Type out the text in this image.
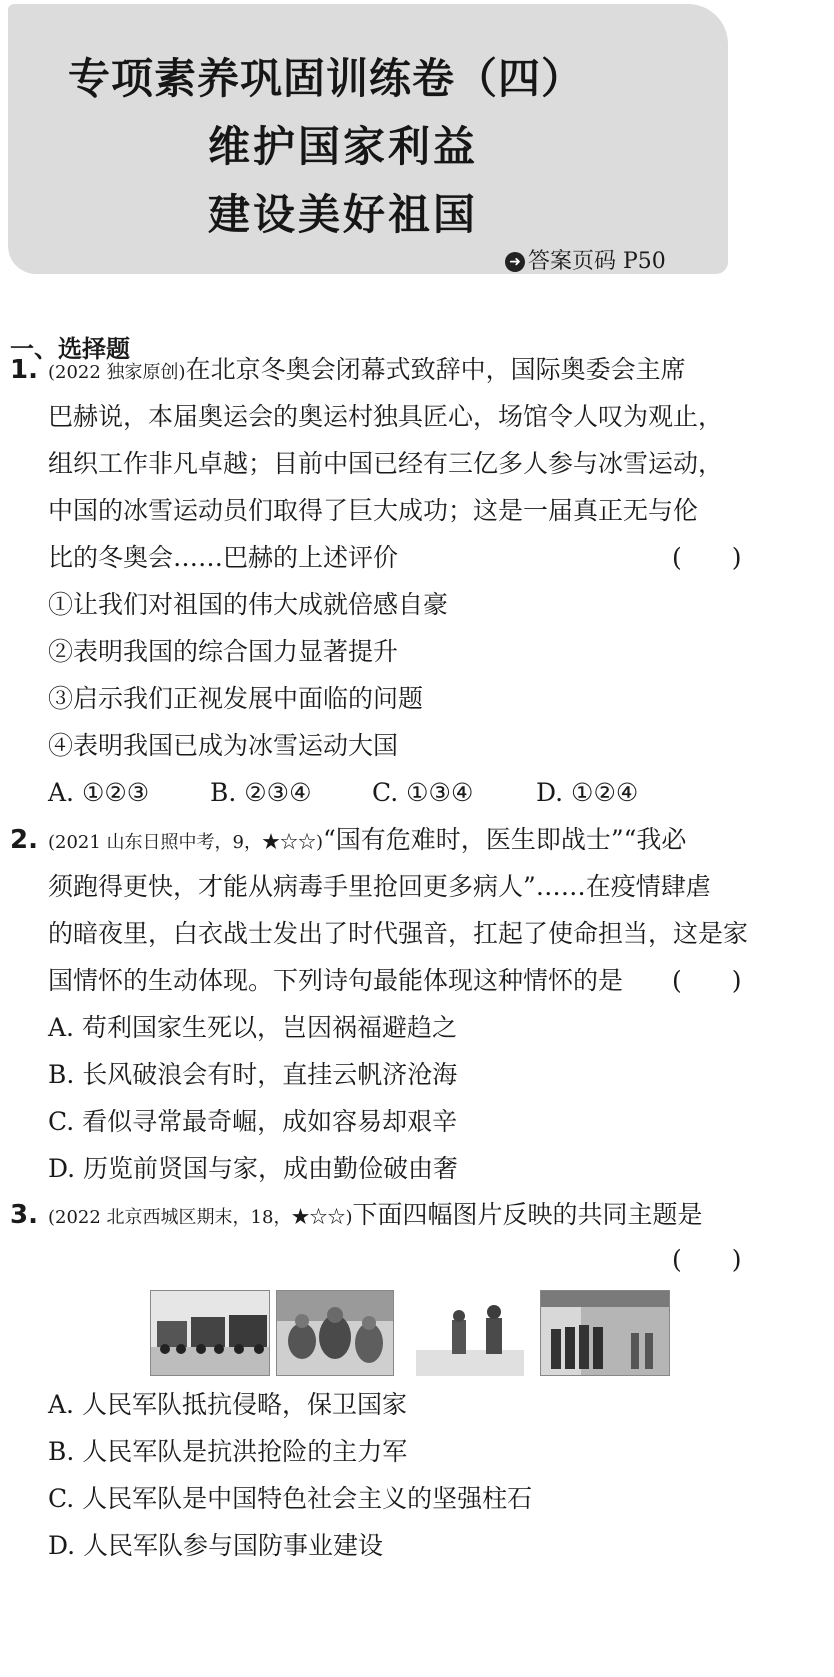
专项素养巩固训练卷（四）
维护国家利益
建设美好祖国
➜ 答案页码 P50
一、选择题
1. (2022 独家原创)在北京冬奥会闭幕式致辞中，国际奥委会主席
巴赫说，本届奥运会的奥运村独具匠心，场馆令人叹为观止，
组织工作非凡卓越；目前中国已经有三亿多人参与冰雪运动，
中国的冰雪运动员们取得了巨大成功；这是一届真正无与伦
比的冬奥会……巴赫的上述评价	(　　)
①让我们对祖国的伟大成就倍感自豪
②表明我国的综合国力显著提升
③启示我们正视发展中面临的问题
④表明我国已成为冰雪运动大国
A. ①②③ B. ②③④ C. ①③④	D. ①②④
2. (2021 山东日照中考，9，★☆☆)“国有危难时，医生即战士”“我必
须跑得更快，才能从病毒手里抢回更多病人”……在疫情肆虐
的暗夜里，白衣战士发出了时代强音，扛起了使命担当，这是家
国情怀的生动体现。下列诗句最能体现这种情怀的是 (　　)
A. 苟利国家生死以，岂因祸福避趋之
B. 长风破浪会有时，直挂云帆济沧海
C. 看似寻常最奇崛，成如容易却艰辛
D. 历览前贤国与家，成由勤俭破由奢
3. (2022 北京西城区期末，18，★☆☆)下面四幅图片反映的共同主题是
(　　)
A. 人民军队抵抗侵略，保卫国家
B. 人民军队是抗洪抢险的主力军
C. 人民军队是中国特色社会主义的坚强柱石
D. 人民军队参与国防事业建设
